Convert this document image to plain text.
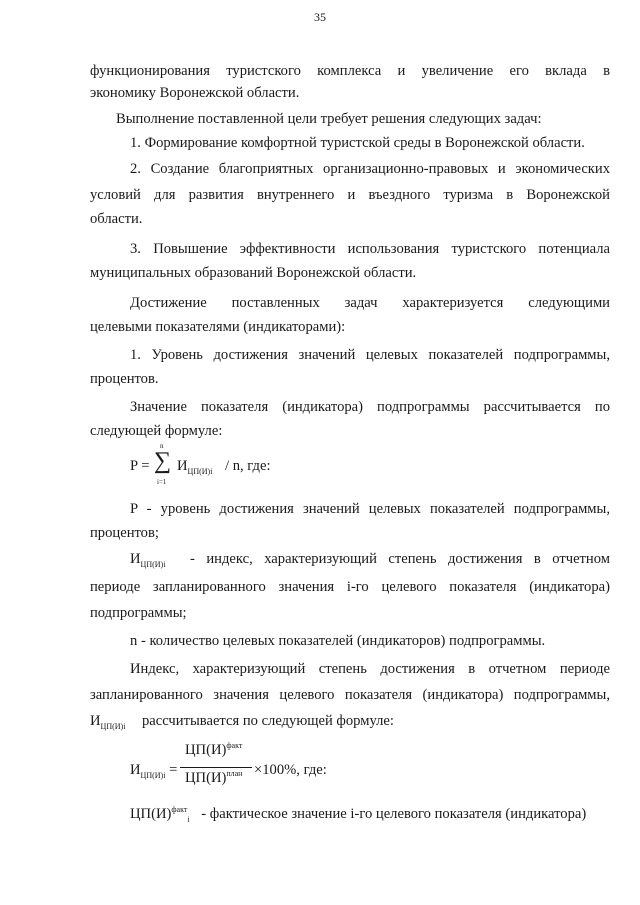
35
функционирования туристского комплекса и увеличение его вклада в
экономику Воронежской области.
Выполнение поставленной цели требует решения следующих задач:
1. Формирование комфортной туристской среды в Воронежской области.
2. Создание благоприятных организационно-правовых и экономических
условий для развития внутреннего и въездного туризма в Воронежской
области.
3. Повышение эффективности использования туристского потенциала
муниципальных образований Воронежской области.
Достижение поставленных задач характеризуется следующими
целевыми показателями (индикаторами):
1. Уровень достижения значений целевых показателей подпрограммы,
процентов.
Значение показателя (индикатора) подпрограммы рассчитывается по
следующей формуле:
P = ∑
n
i=1
$И_{ЦП(И)i}$ / n, где:
P - уровень достижения значений целевых показателей подпрограммы,
процентов;
$И_{ЦП(И)i}$ - индекс, характеризующий степень достижения в отчетном
периоде запланированного значения i-го целевого показателя (индикатора)
подпрограммы;
n - количество целевых показателей (индикаторов) подпрограммы.
Индекс, характеризующий степень достижения в отчетном периоде
запланированного значения целевого показателя (индикатора) подпрограммы,
$И_{ЦП(И)i}$ рассчитывается по следующей формуле:
$И_{ЦП(И)i}$ =
$ЦП(И)^{факт}$
$ЦП(И)^{план} \times 100\%$, где:
$ЦП(И)^{факт}_i$ - фактическое значение i-го целевого показателя (индикатора)
